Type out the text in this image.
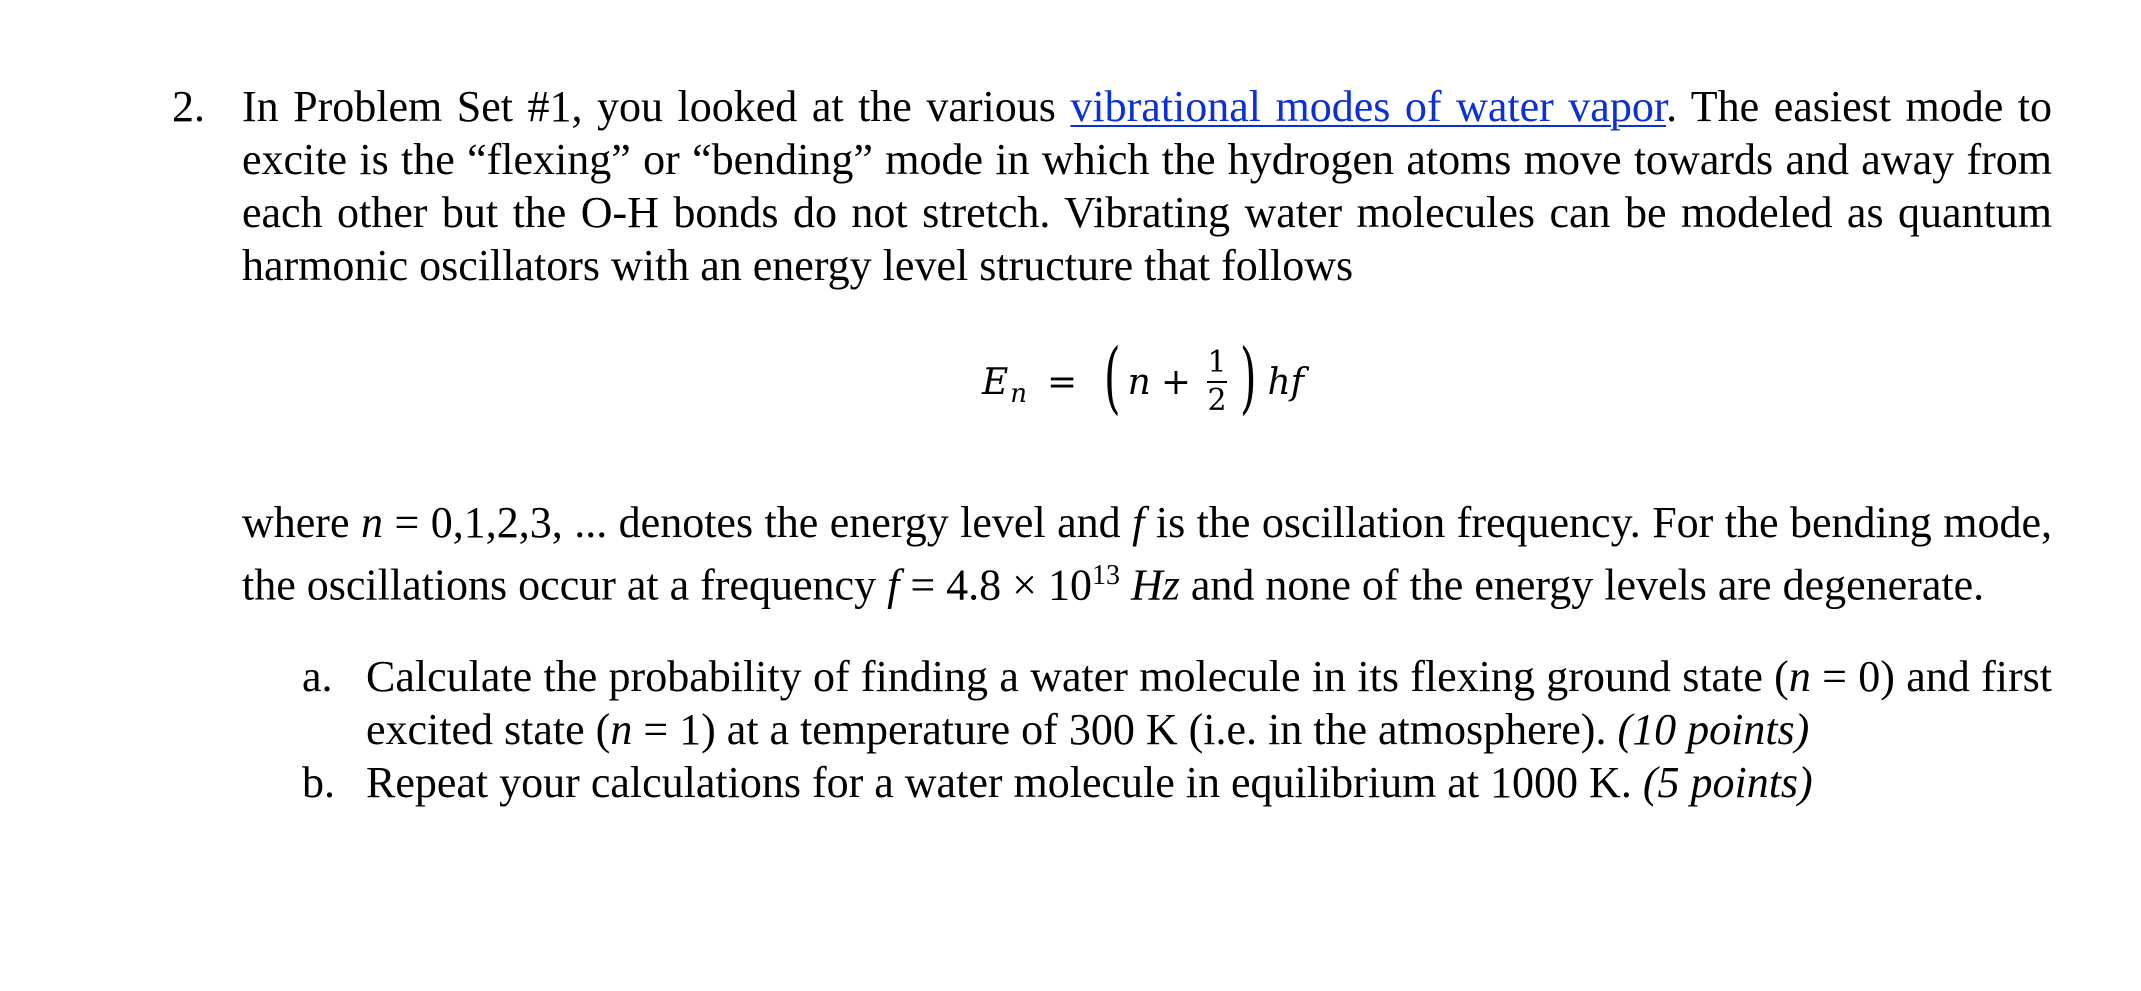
2. In Problem Set #1, you looked at the various vibrational modes of water vapor. The easiest mode to excite is the “flexing” or “bending” mode in which the hydrogen atoms move towards and away from each other but the O-H bonds do not stretch. Vibrating water molecules can be modeled as quantum harmonic oscillators with an energy level structure that follows

E n = ( $n + \frac{1}{2}$ ) hf

where n = 0,1,2,3, ... denotes the energy level and f is the oscillation frequency. For the bending mode, the oscillations occur at a frequency $f = 4.8 \times 10^{13}$ Hz and none of the energy levels are degenerate.

a. Calculate the probability of finding a water molecule in its flexing ground state (n = 0) and first excited state (n = 1) at a temperature of 300 K (i.e. in the atmosphere). (10 points)

b. Repeat your calculations for a water molecule in equilibrium at 1000 K. (5 points)
